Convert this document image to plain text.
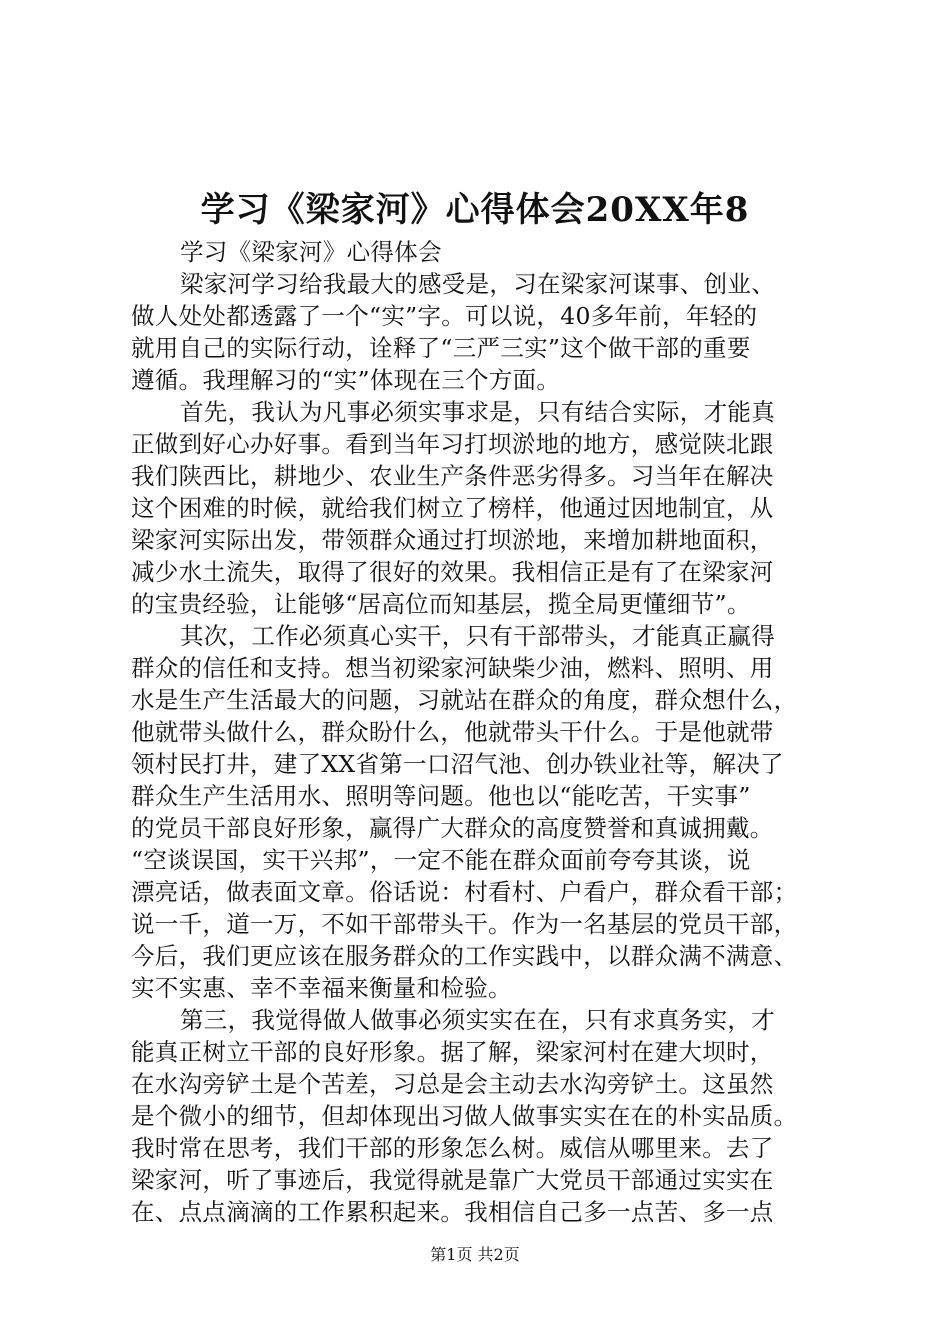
学习《梁家河》心得体会20XX年8
学习《梁家河》心得体会
梁家河学习给我最大的感受是，习在梁家河谋事、创业、
做人处处都透露了一个“实”字。可以说，40多年前，年轻的
就用自己的实际行动，诠释了“三严三实”这个做干部的重要
遵循。我理解习的“实”体现在三个方面。
首先，我认为凡事必须实事求是，只有结合实际，才能真
正做到好心办好事。看到当年习打坝淤地的地方，感觉陕北跟
我们陕西比，耕地少、农业生产条件恶劣得多。习当年在解决
这个困难的时候，就给我们树立了榜样，他通过因地制宜，从
梁家河实际出发，带领群众通过打坝淤地，来增加耕地面积，
减少水土流失，取得了很好的效果。我相信正是有了在梁家河
的宝贵经验，让能够“居高位而知基层，揽全局更懂细节”。
其次，工作必须真心实干，只有干部带头，才能真正赢得
群众的信任和支持。想当初梁家河缺柴少油，燃料、照明、用
水是生产生活最大的问题，习就站在群众的角度，群众想什么，
他就带头做什么，群众盼什么，他就带头干什么。于是他就带
领村民打井，建了XX省第一口沼气池、创办铁业社等，解决了
群众生产生活用水、照明等问题。他也以“能吃苦，干实事”
的党员干部良好形象，赢得广大群众的高度赞誉和真诚拥戴。
“空谈误国，实干兴邦”，一定不能在群众面前夸夸其谈，说
漂亮话，做表面文章。俗话说：村看村、户看户，群众看干部；
说一千，道一万，不如干部带头干。作为一名基层的党员干部，
今后，我们更应该在服务群众的工作实践中，以群众满不满意、
实不实惠、幸不幸福来衡量和检验。
第三，我觉得做人做事必须实实在在，只有求真务实，才
能真正树立干部的良好形象。据了解，梁家河村在建大坝时，
在水沟旁铲土是个苦差，习总是会主动去水沟旁铲土。这虽然
是个微小的细节，但却体现出习做人做事实实在在的朴实品质。
我时常在思考，我们干部的形象怎么树。威信从哪里来。去了
梁家河，听了事迹后，我觉得就是靠广大党员干部通过实实在
在、点点滴滴的工作累积起来。我相信自己多一点苦、多一点
第1页 共2页
